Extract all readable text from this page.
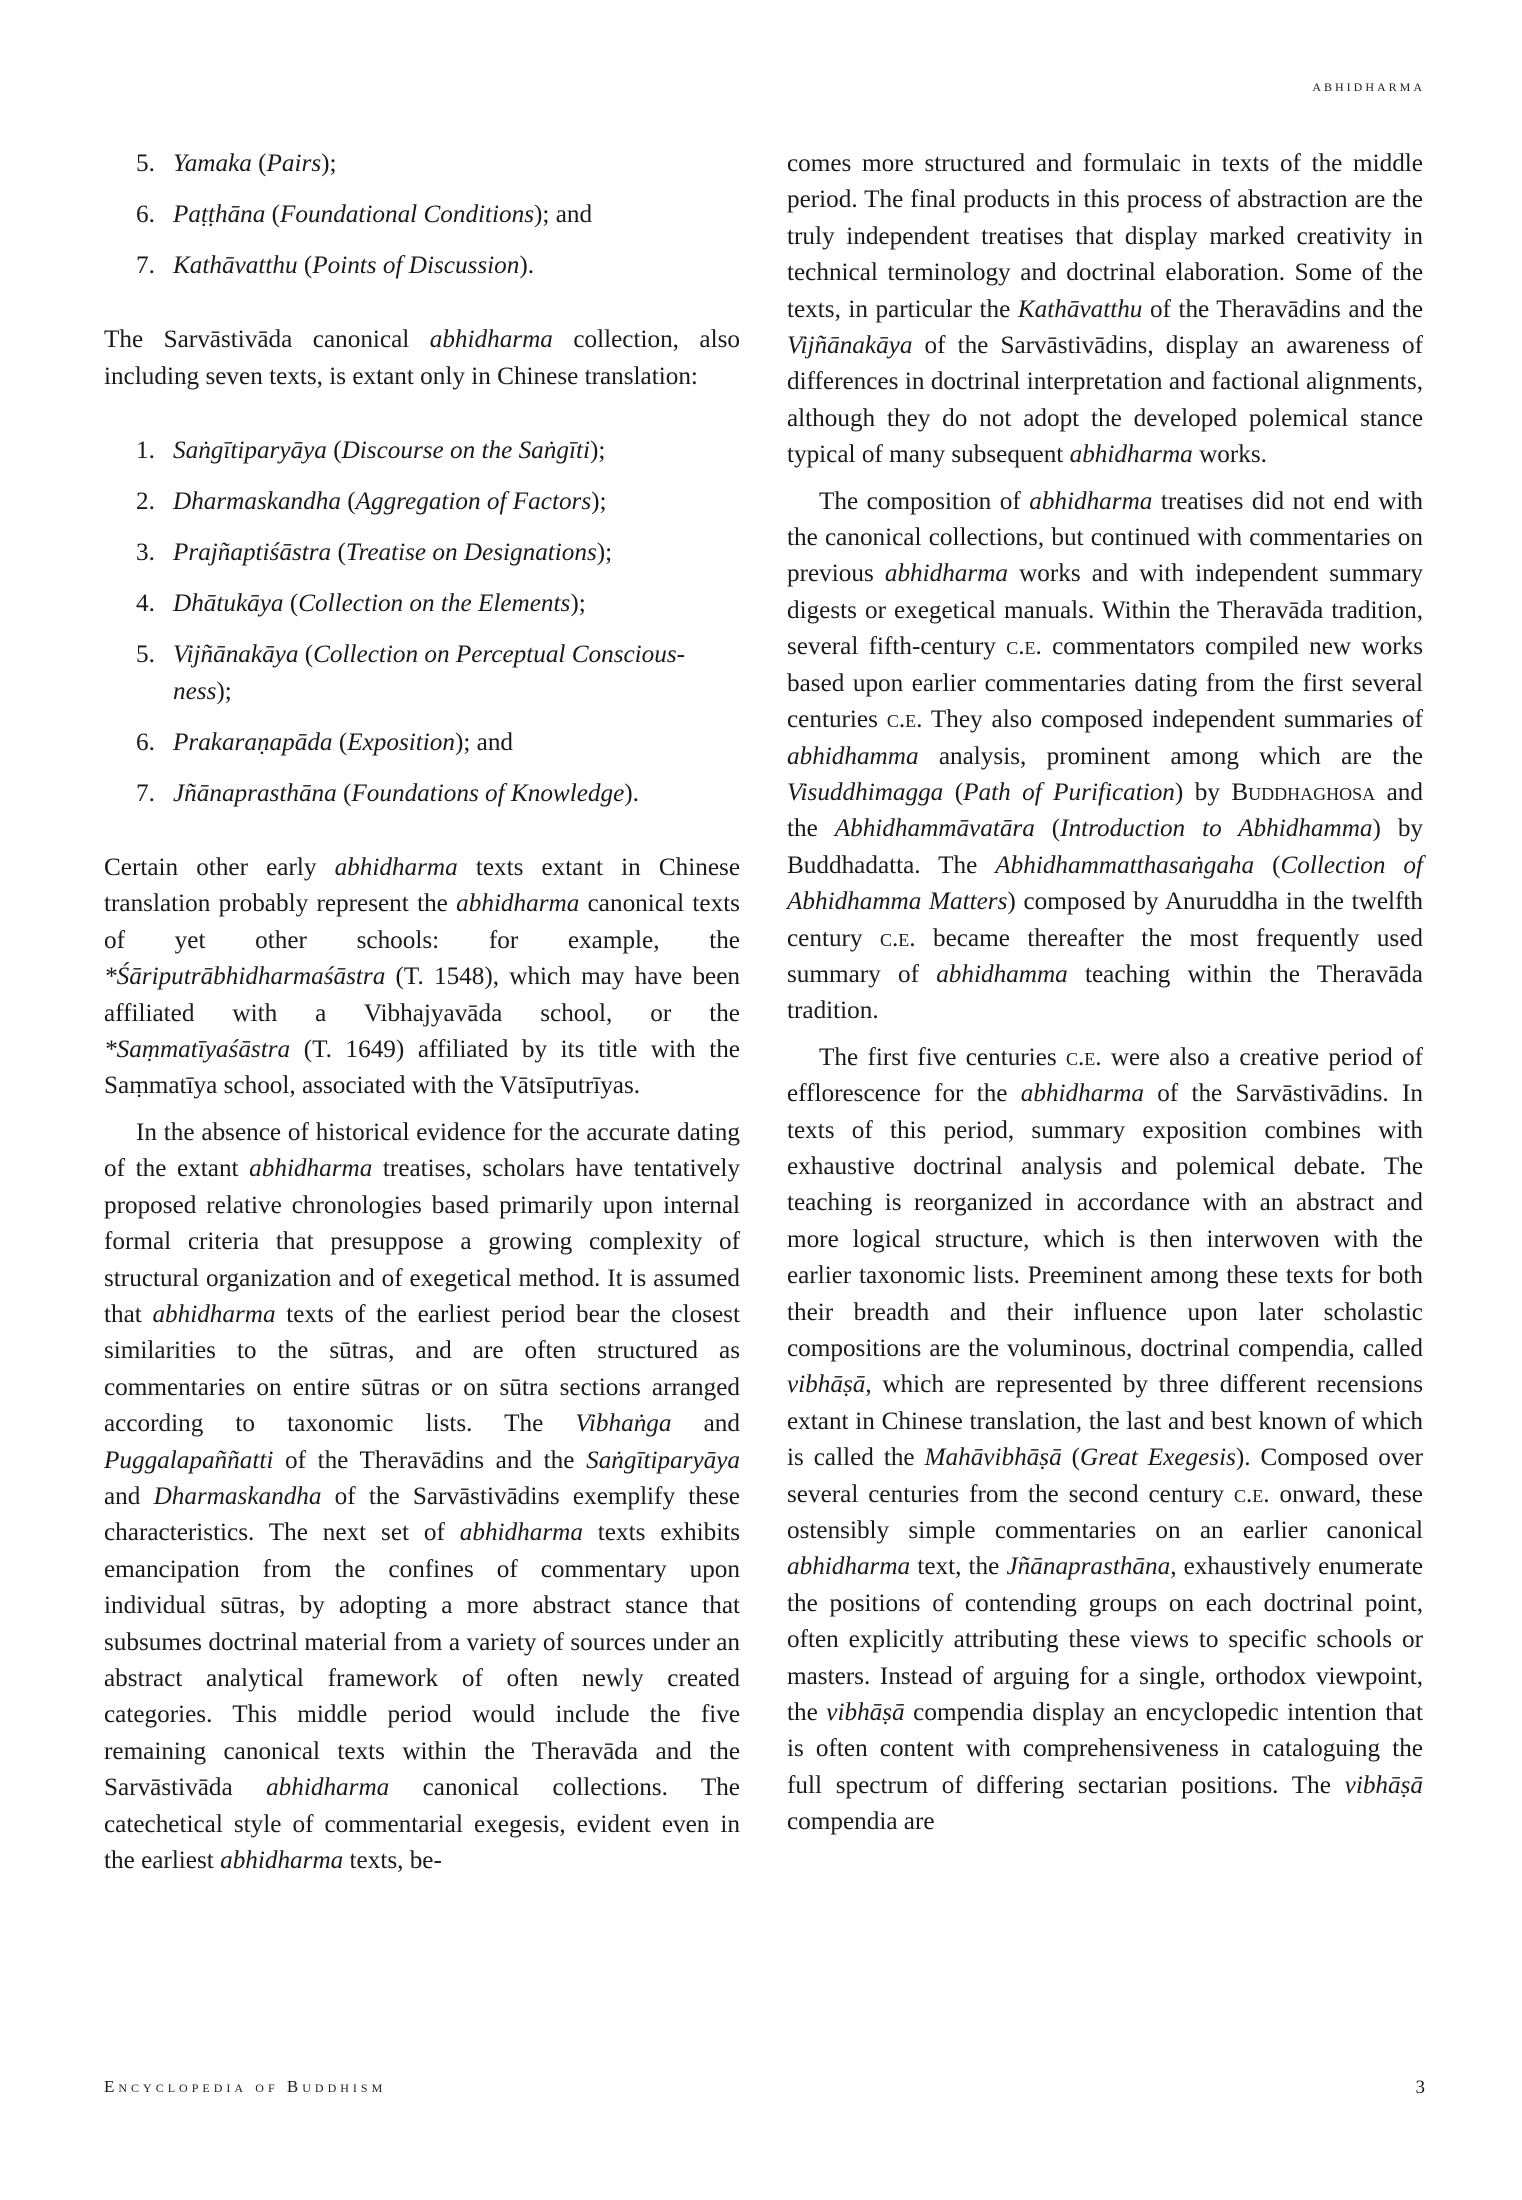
abhidharma
5. Yamaka (Pairs);
6. Paṭṭhāna (Foundational Conditions); and
7. Kathāvatthu (Points of Discussion).

The Sarvāstivāda canonical abhidharma collection, also including seven texts, is extant only in Chinese translation:

1. Saṅgītiparyāya (Discourse on the Saṅgīti);
2. Dharmaskandha (Aggregation of Factors);
3. Prajñaptiśāstra (Treatise on Designations);
4. Dhātukāya (Collection on the Elements);
5. Vijñānakāya (Collection on Perceptual Conscious-ness);
6. Prakaraṇapāda (Exposition); and
7. Jñānaprasthāna (Foundations of Knowledge).

Certain other early abhidharma texts extant in Chinese translation probably represent the abhidharma canonical texts of yet other schools: for example, the *Śāriputrābhidharmaśāstra (T. 1548), which may have been affiliated with a Vibhajyavāda school, or the *Saṃmatīyaśāstra (T. 1649) affiliated by its title with the Saṃmatīya school, associated with the Vātsīputrīyas.

In the absence of historical evidence for the accurate dating of the extant abhidharma treatises, scholars have tentatively proposed relative chronologies based primarily upon internal formal criteria that presuppose a growing complexity of structural organization and of exegetical method. It is assumed that abhidharma texts of the earliest period bear the closest similarities to the sūtras, and are often structured as commentaries on entire sūtras or on sūtra sections arranged according to taxonomic lists. The Vibhaṅga and Puggalapaññatti of the Theravādins and the Saṅgītiparyāya and Dharmaskandha of the Sarvāstivādins exemplify these characteristics. The next set of abhidharma texts exhibits emancipation from the confines of commentary upon individual sūtras, by adopting a more abstract stance that subsumes doctrinal material from a variety of sources under an abstract analytical framework of often newly created categories. This middle period would include the five remaining canonical texts within the Theravāda and the Sarvāstivāda abhidharma canonical collections. The catechetical style of commentarial exegesis, evident even in the earliest abhidharma texts, be-

comes more structured and formulaic in texts of the middle period. The final products in this process of abstraction are the truly independent treatises that display marked creativity in technical terminology and doctrinal elaboration. Some of the texts, in particular the Kathāvatthu of the Theravādins and the Vijñānakāya of the Sarvāstivādins, display an awareness of differences in doctrinal interpretation and factional alignments, although they do not adopt the developed polemical stance typical of many subsequent abhidharma works.

The composition of abhidharma treatises did not end with the canonical collections, but continued with commentaries on previous abhidharma works and with independent summary digests or exegetical manuals. Within the Theravāda tradition, several fifth-century c.e. commentators compiled new works based upon earlier commentaries dating from the first several centuries c.e. They also composed independent summaries of abhidhamma analysis, prominent among which are the Visuddhimagga (Path of Purification) by Buddhaghosa and the Abhidhammāvatāra (Introduction to Abhidhamma) by Buddhadatta. The Abhidhammatthasaṅgaha (Collection of Abhidhamma Matters) composed by Anuruddha in the twelfth century c.e. became thereafter the most frequently used summary of abhidhamma teaching within the Theravāda tradition.

The first five centuries c.e. were also a creative period of efflorescence for the abhidharma of the Sarvāstivādins. In texts of this period, summary exposition combines with exhaustive doctrinal analysis and polemical debate. The teaching is reorganized in accordance with an abstract and more logical structure, which is then interwoven with the earlier taxonomic lists. Preeminent among these texts for both their breadth and their influence upon later scholastic compositions are the voluminous, doctrinal compendia, called vibhāṣā, which are represented by three different recensions extant in Chinese translation, the last and best known of which is called the Mahāvibhāṣā (Great Exegesis). Composed over several centuries from the second century c.e. onward, these ostensibly simple commentaries on an earlier canonical abhidharma text, the Jñānaprasthāna, exhaustively enumerate the positions of contending groups on each doctrinal point, often explicitly attributing these views to specific schools or masters. Instead of arguing for a single, orthodox viewpoint, the vibhāṣā compendia display an encyclopedic intention that is often content with comprehensiveness in cataloguing the full spectrum of differing sectarian positions. The vibhāṣā compendia are

Encyclopedia of Buddhism	3
